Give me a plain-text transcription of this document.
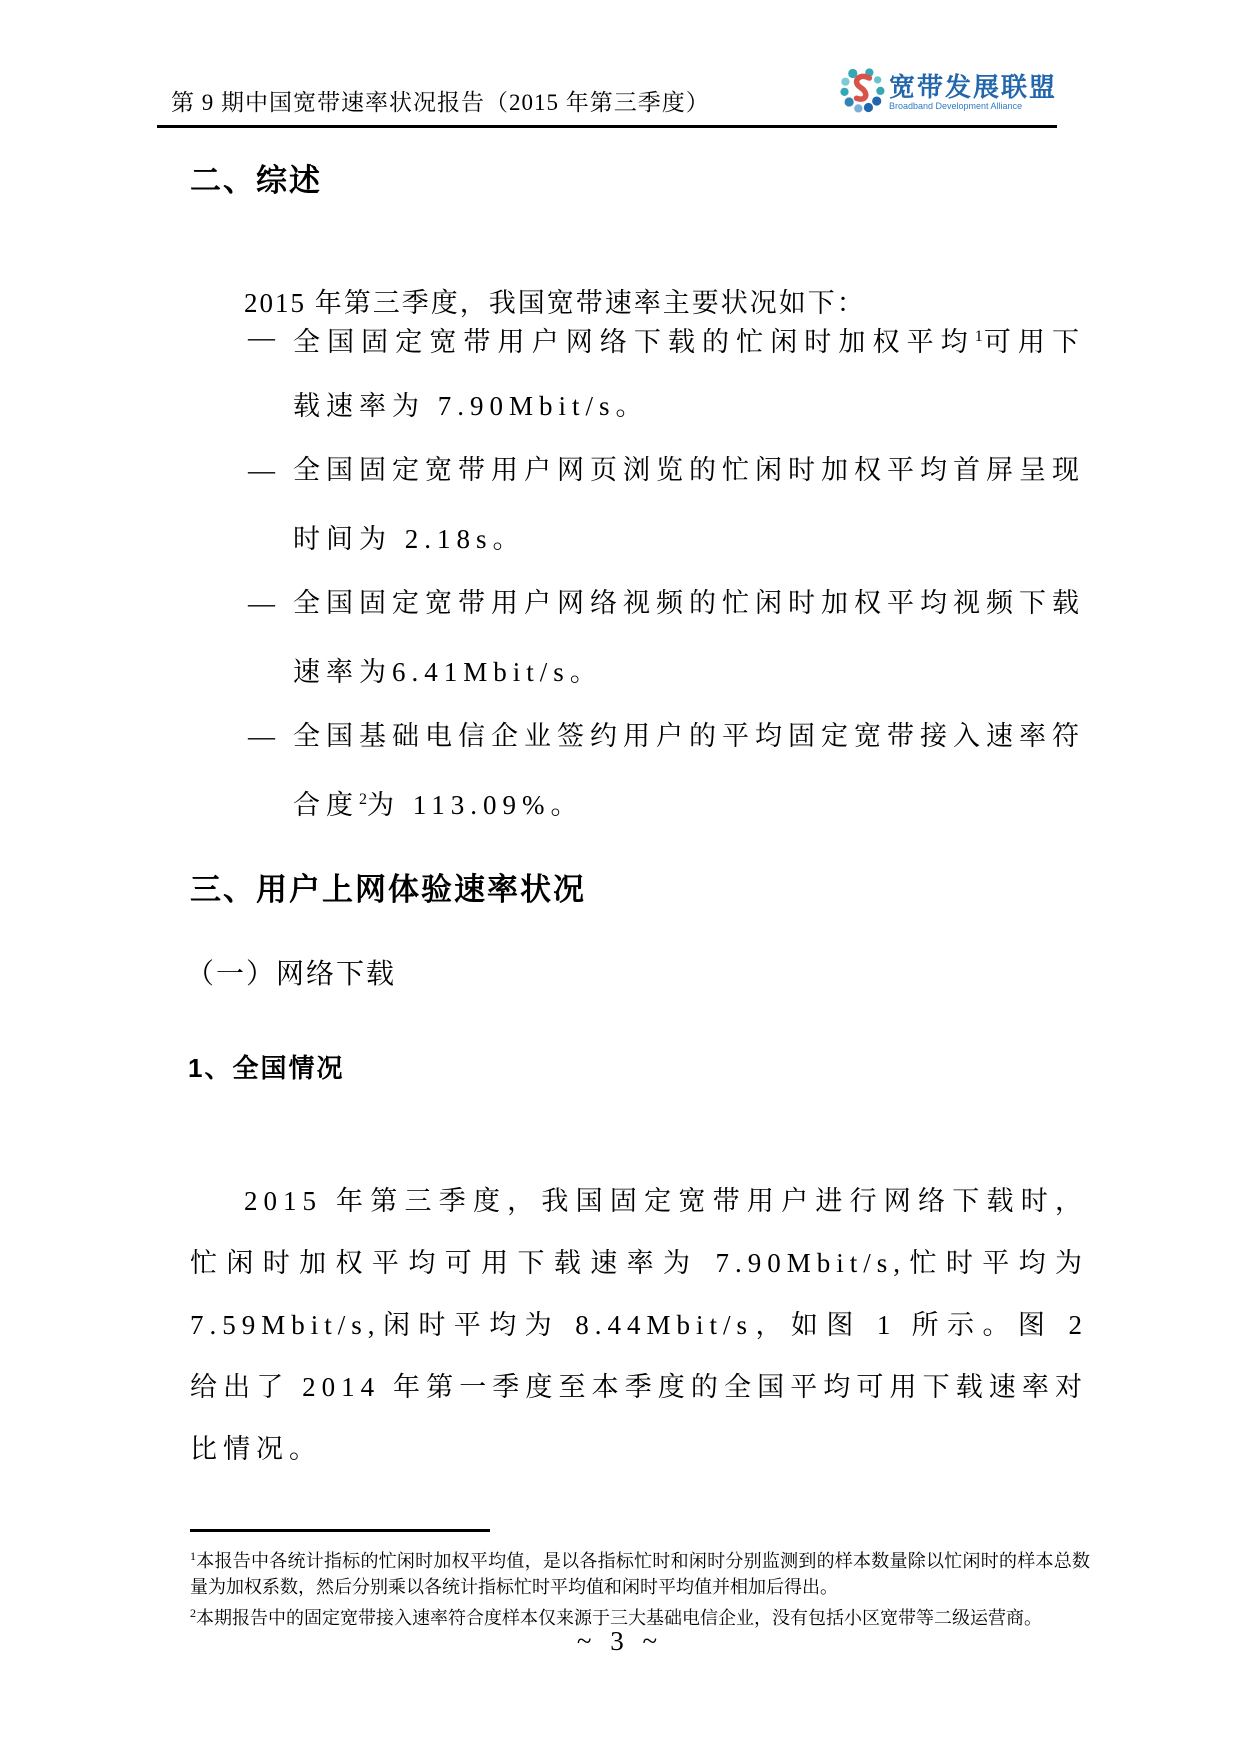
第 9 期中国宽带速率状况报告（2015 年第三季度）
宽带发展联盟
Broadband Development Alliance
二、综述

2015 年第三季度，我国宽带速率主要状况如下：

— 全国固定宽带用户网络下载的忙闲时加权平均$^1$可用下载速率为 7.90Mbit/s。
— 全国固定宽带用户网页浏览的忙闲时加权平均首屏呈现时间为 2.18s。
— 全国固定宽带用户网络视频的忙闲时加权平均视频下载速率为6.41Mbit/s。
— 全国基础电信企业签约用户的平均固定宽带接入速率符合度$^2$为 113.09%。
三、用户上网体验速率状况
（一）网络下载
1、全国情况

2015 年第三季度，我国固定宽带用户进行网络下载时，忙闲时加权平均可用下载速率为 7.90Mbit/s,忙时平均为 7.59Mbit/s,闲时平均为 8.44Mbit/s，如图 1 所示。图 2 给出了 2014 年第一季度至本季度的全国平均可用下载速率对比情况。

$^1$本报告中各统计指标的忙闲时加权平均值，是以各指标忙时和闲时分别监测到的样本数量除以忙闲时的样本总数量为加权系数，然后分别乘以各统计指标忙时平均值和闲时平均值并相加后得出。

$^2$本期报告中的固定宽带接入速率符合度样本仅来源于三大基础电信企业，没有包括小区宽带等二级运营商。

~ 3 ~
